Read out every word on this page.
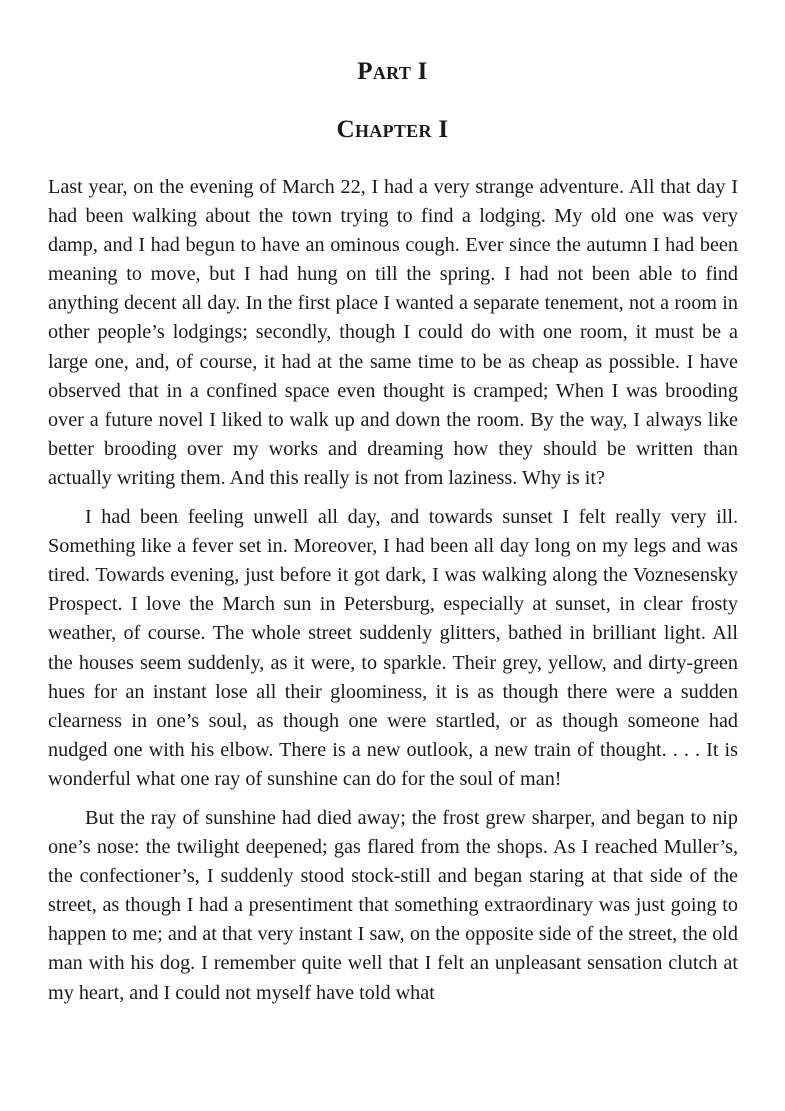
Part I
Chapter I

Last year, on the evening of March 22, I had a very strange adventure. All that day I had been walking about the town trying to find a lodging. My old one was very damp, and I had begun to have an ominous cough. Ever since the autumn I had been meaning to move, but I had hung on till the spring. I had not been able to find anything decent all day. In the first place I wanted a separate tenement, not a room in other people’s lodgings; secondly, though I could do with one room, it must be a large one, and, of course, it had at the same time to be as cheap as possible. I have observed that in a confined space even thought is cramped; When I was brooding over a future novel I liked to walk up and down the room. By the way, I always like better brooding over my works and dreaming how they should be written than actually writing them. And this really is not from laziness. Why is it?

I had been feeling unwell all day, and towards sunset I felt really very ill. Something like a fever set in. Moreover, I had been all day long on my legs and was tired. Towards evening, just before it got dark, I was walking along the Voznesensky Prospect. I love the March sun in Petersburg, especially at sunset, in clear frosty weather, of course. The whole street suddenly glitters, bathed in brilliant light. All the houses seem suddenly, as it were, to sparkle. Their grey, yellow, and dirty-green hues for an instant lose all their gloominess, it is as though there were a sudden clearness in one’s soul, as though one were startled, or as though someone had nudged one with his elbow. There is a new outlook, a new train of thought. . . . It is wonderful what one ray of sunshine can do for the soul of man!

But the ray of sunshine had died away; the frost grew sharper, and began to nip one’s nose: the twilight deepened; gas flared from the shops. As I reached Muller’s, the confectioner’s, I suddenly stood stock-still and began staring at that side of the street, as though I had a presentiment that something extraordinary was just going to happen to me; and at that very instant I saw, on the opposite side of the street, the old man with his dog. I remember quite well that I felt an unpleasant sensation clutch at my heart, and I could not myself have told what
